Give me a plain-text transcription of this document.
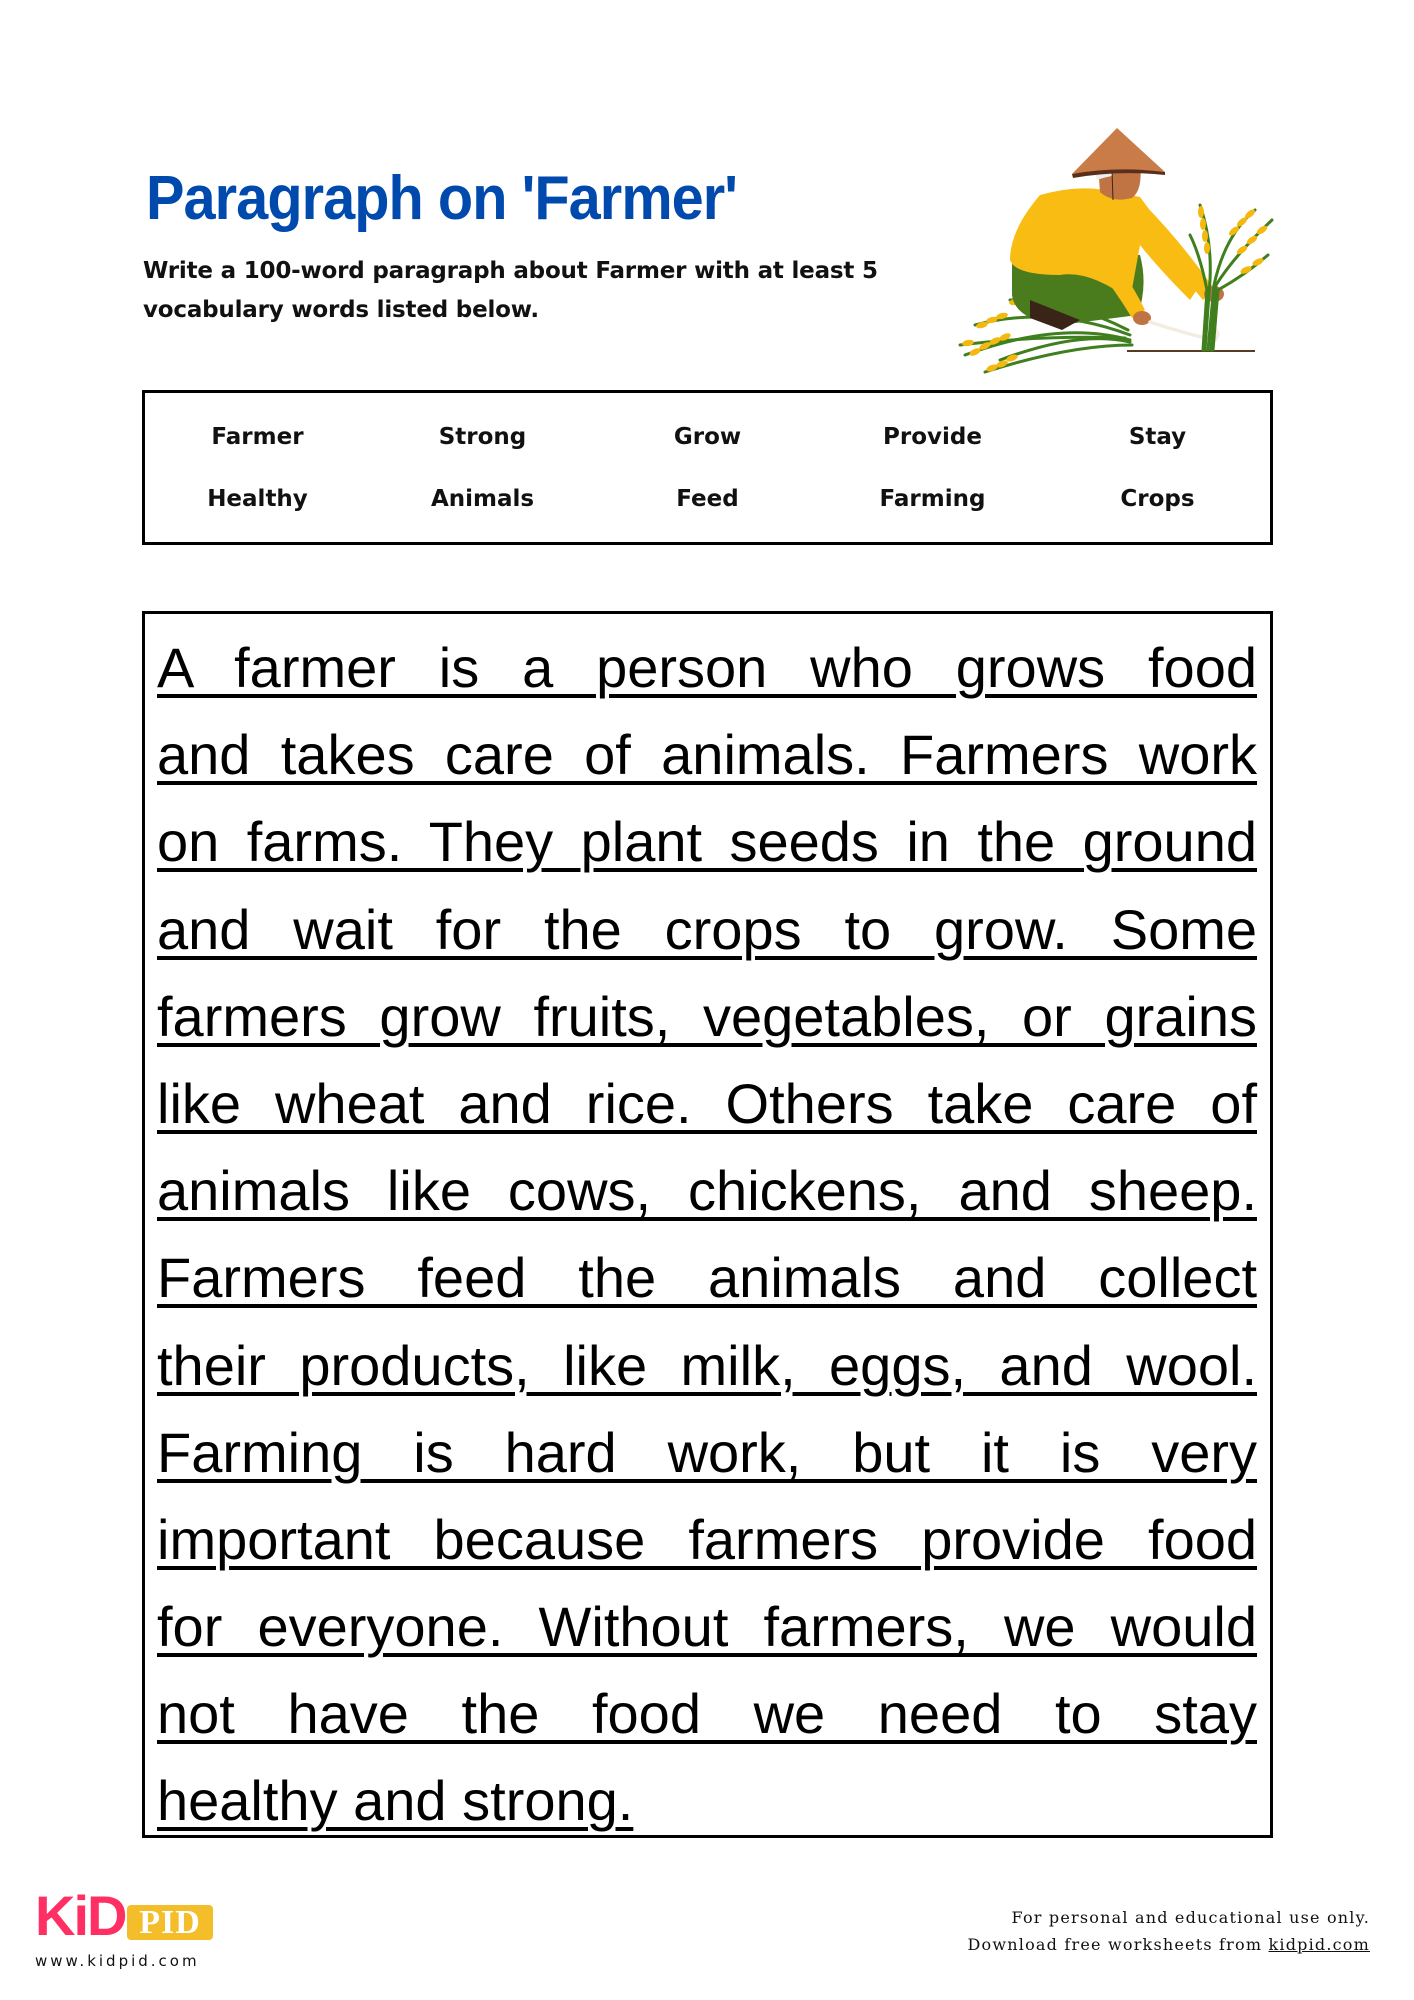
Paragraph on 'Farmer'

Write a 100-word paragraph about Farmer with at least 5 vocabulary words listed below.

Farmer	Strong	Grow	Provide	Stay
Healthy	Animals	Feed	Farming	Crops
A farmer is a person who grows food
and takes care of animals. Farmers work
on farms. They plant seeds in the ground
and wait for the crops to grow. Some
farmers grow fruits, vegetables, or grains
like wheat and rice. Others take care of
animals like cows, chickens, and sheep.
Farmers feed the animals and collect
their products, like milk, eggs, and wool.
Farming is hard work, but it is very
important because farmers provide food
for everyone. Without farmers, we would
not have the food we need to stay
healthy and strong.
KiD PID
www.kidpid.com
For personal and educational use only.
Download free worksheets from kidpid.com
